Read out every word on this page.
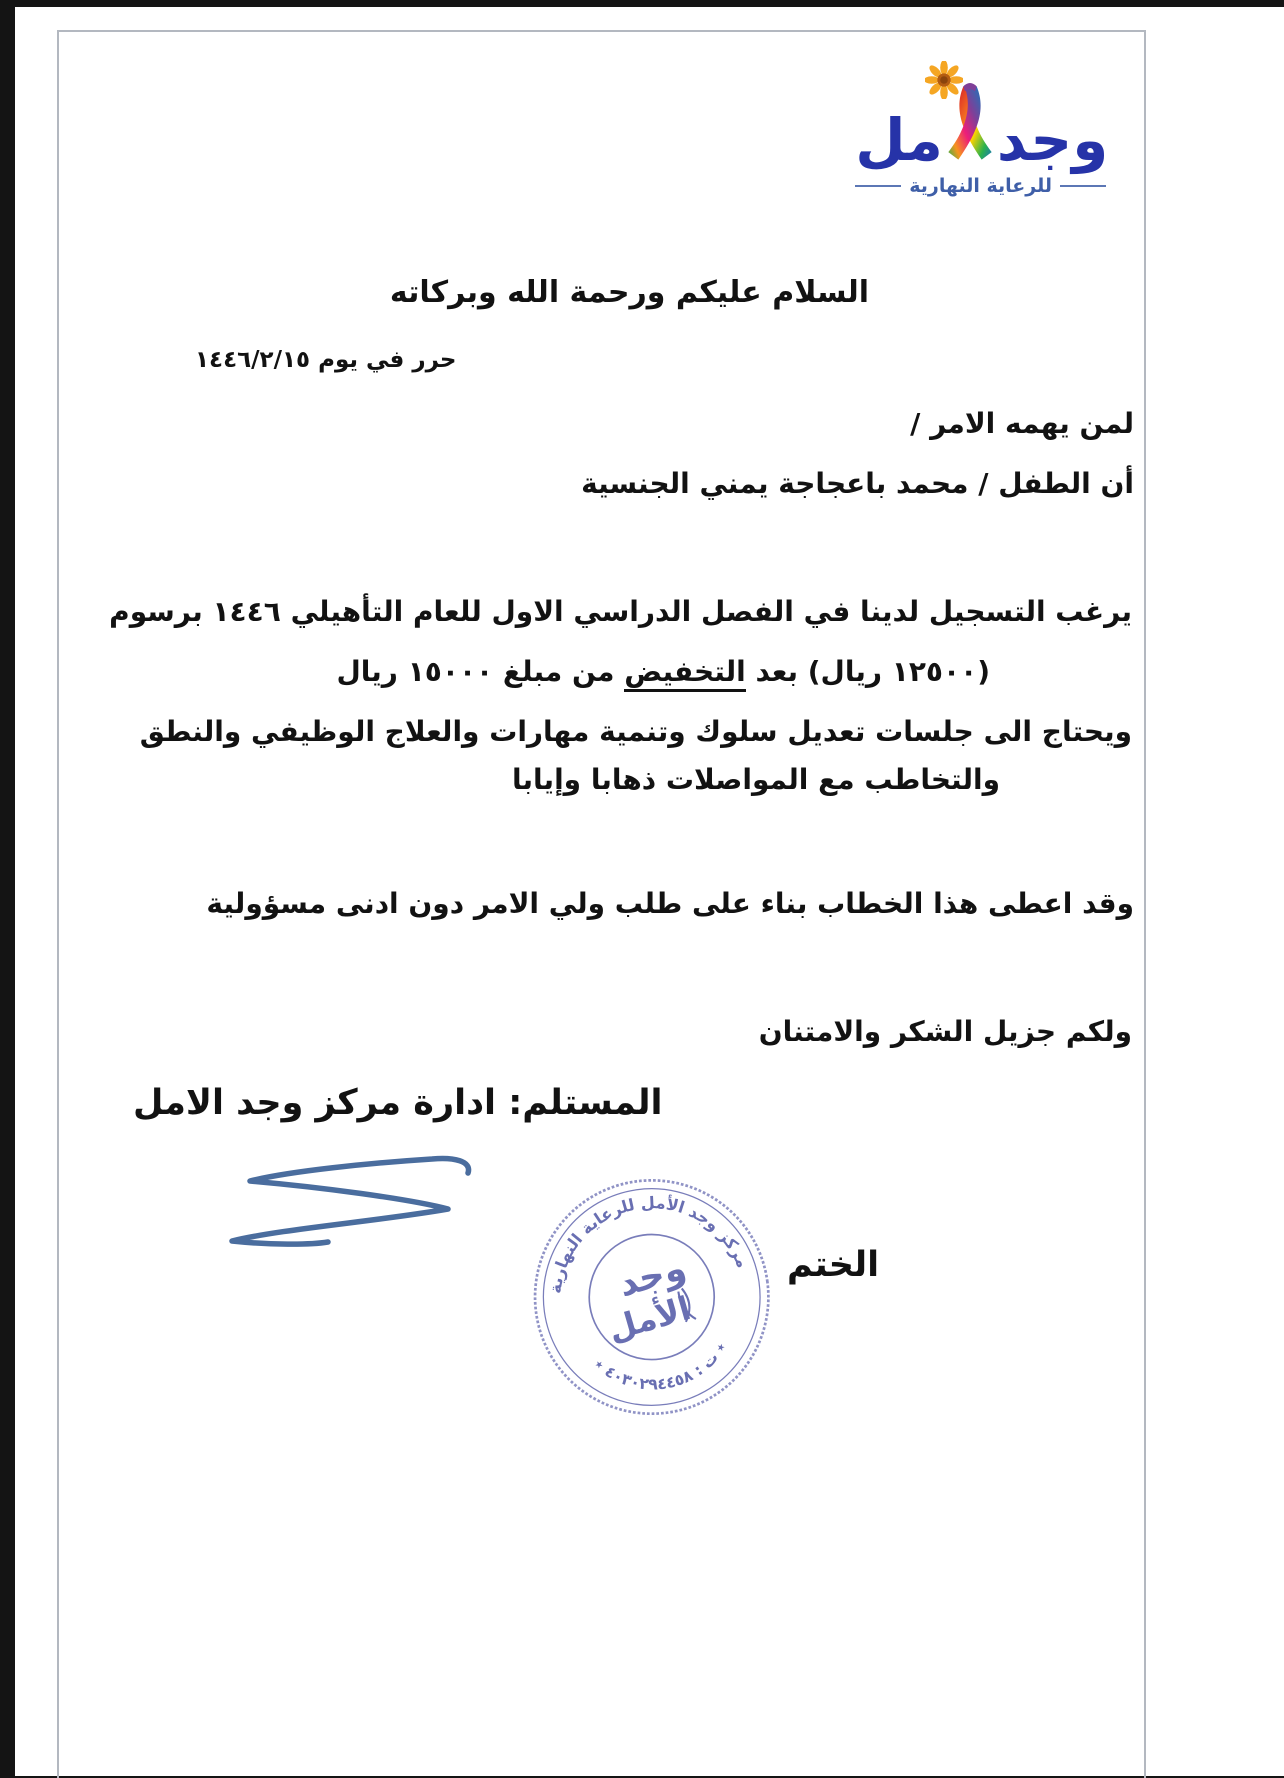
وجد
مل
للرعاية النهارية
السلام عليكم ورحمة الله وبركاته
حرر في يوم ١٤٤٦/٢/١٥
لمن يهمه الامر /
أن الطفل / محمد باعجاجة يمني الجنسية
يرغب التسجيل لدينا في الفصل الدراسي الاول للعام التأهيلي ١٤٤٦ برسوم
(١٢٥٠٠ ريال) بعد التخفيض من مبلغ ١٥٠٠٠ ريال
ويحتاج الى جلسات تعديل سلوك وتنمية مهارات والعلاج الوظيفي والنطق
والتخاطب مع المواصلات ذهابا وإيابا
وقد اعطى هذا الخطاب بناء على طلب ولي الامر دون ادنى مسؤولية
ولكم جزيل الشكر والامتنان
المستلم: ادارة مركز وجد الامل
مركز وجد الأمل للرعاية النهارية
٭ ت : ٤٠٣٠٢٩٤٤٥٨ ٭
وجد
الأمل
الختم
